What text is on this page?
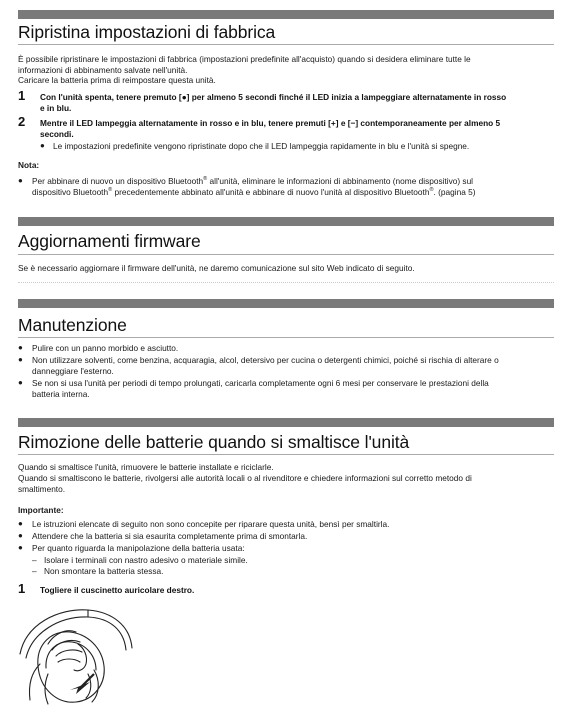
Ripristina impostazioni di fabbrica
È possibile ripristinare le impostazioni di fabbrica (impostazioni predefinite all'acquisto) quando si desidera eliminare tutte le
informazioni di abbinamento salvate nell'unità.
Caricare la batteria prima di reimpostare questa unità.
1 Con l'unità spenta, tenere premuto [●] per almeno 5 secondi finché il LED inizia a lampeggiare alternatamente in rosso
e in blu.
2 Mentre il LED lampeggia alternatamente in rosso e in blu, tenere premuti [+] e [−] contemporaneamente per almeno 5
secondi.
● Le impostazioni predefinite vengono ripristinate dopo che il LED lampeggia rapidamente in blu e l'unità si spegne.
Nota:
● Per abbinare di nuovo un dispositivo Bluetooth® all'unità, eliminare le informazioni di abbinamento (nome dispositivo) sul
dispositivo Bluetooth® precedentemente abbinato all'unità e abbinare di nuovo l'unità al dispositivo Bluetooth®. (pagina 5)
Aggiornamenti firmware
Se è necessario aggiornare il firmware dell'unità, ne daremo comunicazione sul sito Web indicato di seguito.
Manutenzione
● Pulire con un panno morbido e asciutto.
● Non utilizzare solventi, come benzina, acquaragia, alcol, detersivo per cucina o detergenti chimici, poiché si rischia di alterare o
danneggiare l'esterno.
● Se non si usa l'unità per periodi di tempo prolungati, caricarla completamente ogni 6 mesi per conservare le prestazioni della
batteria interna.
Rimozione delle batterie quando si smaltisce l'unità
Quando si smaltisce l'unità, rimuovere le batterie installate e riciclarle.
Quando si smaltiscono le batterie, rivolgersi alle autorità locali o al rivenditore e chiedere informazioni sul corretto metodo di
smaltimento.
Importante:
● Le istruzioni elencate di seguito non sono concepite per riparare questa unità, bensì per smaltirla.
● Attendere che la batteria si sia esaurita completamente prima di smontarla.
● Per quanto riguarda la manipolazione della batteria usata:
– Isolare i terminali con nastro adesivo o materiale simile.
– Non smontare la batteria stessa.
1 Togliere il cuscinetto auricolare destro.
